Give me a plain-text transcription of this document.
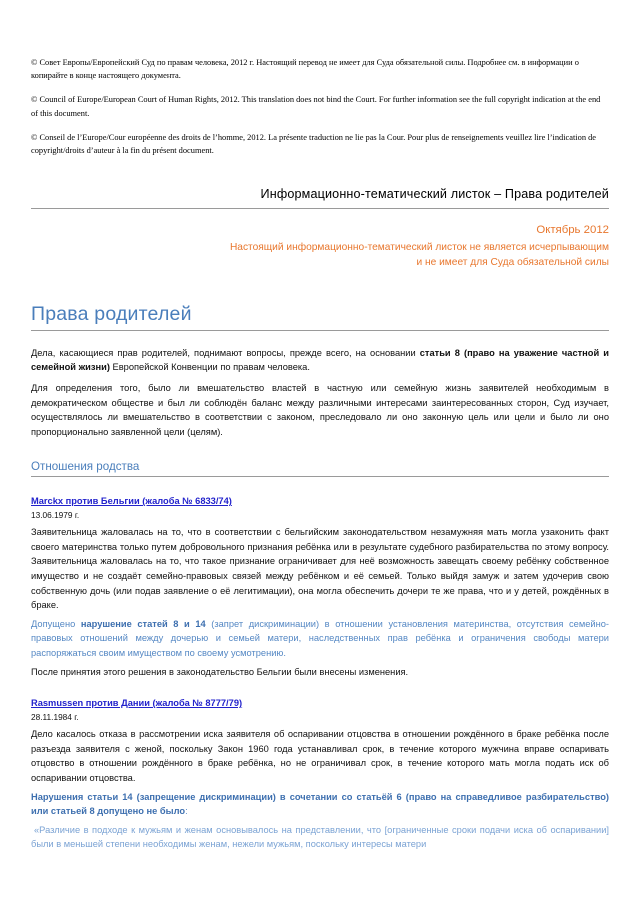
© Совет Европы/Европейский Суд по правам человека, 2012 г. Настоящий перевод не имеет для Суда обязательной силы. Подробнее см. в информации о копирайте в конце настоящего документа.

© Council of Europe/European Court of Human Rights, 2012. This translation does not bind the Court. For further information see the full copyright indication at the end of this document.

© Conseil de l’Europe/Cour européenne des droits de l’homme, 2012. La présente traduction ne lie pas la Cour. Pour plus de renseignements veuillez lire l’indication de copyright/droits d’auteur à la fin du présent document.

Информационно-тематический листок – Права родителей
Октябрь 2012
Настоящий информационно-тематический листок не является исчерпывающим
и не имеет для Суда обязательной силы
Права родителей

Дела, касающиеся прав родителей, поднимают вопросы, прежде всего, на основании статьи 8 (право на уважение частной и семейной жизни) Европейской Конвенции по правам человека.

Для определения того, было ли вмешательство властей в частную или семейную жизнь заявителей необходимым в демократическом обществе и был ли соблюдён баланс между различными интересами заинтересованных сторон, Суд изучает, осуществлялось ли вмешательство в соответствии с законом, преследовало ли оно законную цель или цели и было ли оно пропорционально заявленной цели (целям).

Отношения родства
Marckx против Бельгии (жалоба № 6833/74)
13.06.1979 г.

Заявительница жаловалась на то, что в соответствии с бельгийским законодательством незамужняя мать могла узаконить факт своего материнства только путем добровольного признания ребёнка или в результате судебного разбирательства по этому вопросу. Заявительница жаловалась на то, что такое признание ограничивает для неё возможность завещать своему ребёнку собственное имущество и не создаёт семейно-правовых связей между ребёнком и её семьей. Только выйдя замуж и затем удочерив свою собственную дочь (или подав заявление о её легитимации), она могла обеспечить дочери те же права, что и у детей, рождённых в браке.

Допущено нарушение статей 8 и 14 (запрет дискриминации) в отношении установления материнства, отсутствия семейно-правовых отношений между дочерью и семьей матери, наследственных прав ребёнка и ограничения свободы матери распоряжаться своим имуществом по своему усмотрению.

После принятия этого решения в законодательство Бельгии были внесены изменения.

Rasmussen против Дании (жалоба № 8777/79)
28.11.1984 г.

Дело касалось отказа в рассмотрении иска заявителя об оспаривании отцовства в отношении рождённого в браке ребёнка после разъезда заявителя с женой, поскольку Закон 1960 года устанавливал срок, в течение которого мужчина вправе оспаривать отцовство в отношении рождённого в браке ребёнка, но не ограничивал срок, в течение которого мать могла подать иск об оспаривании отцовства.

Нарушения статьи 14 (запрещение дискриминации) в сочетании со статьёй 6 (право на справедливое разбирательство) или статьей 8 допущено не было:

«Различие в подходе к мужьям и женам основывалось на представлении, что [ограниченные сроки подачи иска об оспаривании] были в меньшей степени необходимы женам, нежели мужьям, поскольку интересы матери
